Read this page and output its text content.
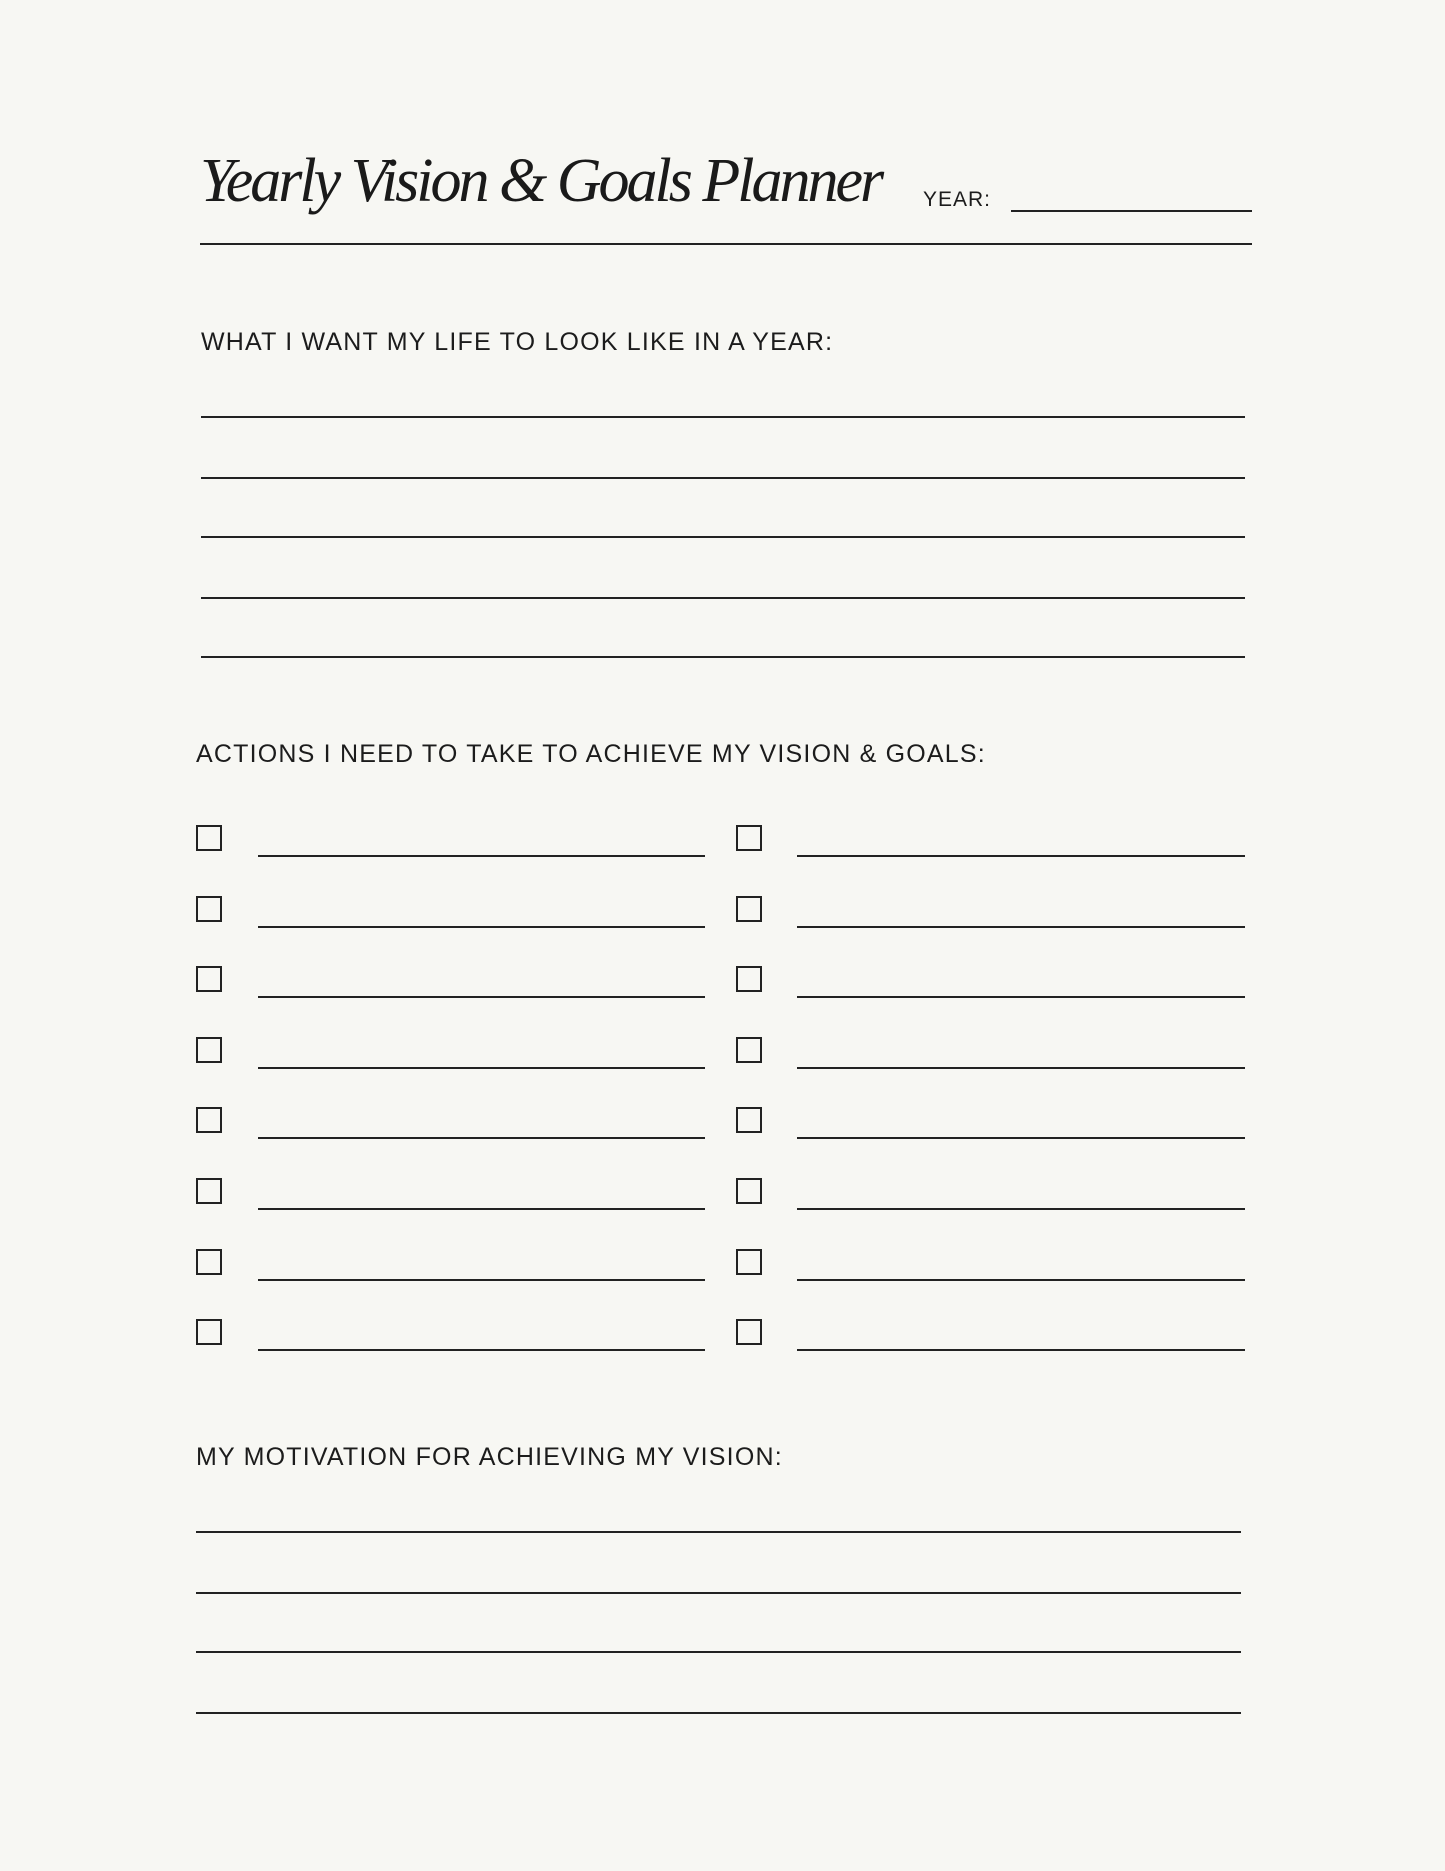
Yearly Vision & Goals Planner YEAR:
WHAT I WANT MY LIFE TO LOOK LIKE IN A YEAR:
ACTIONS I NEED TO TAKE TO ACHIEVE MY VISION & GOALS:
MY MOTIVATION FOR ACHIEVING MY VISION:
